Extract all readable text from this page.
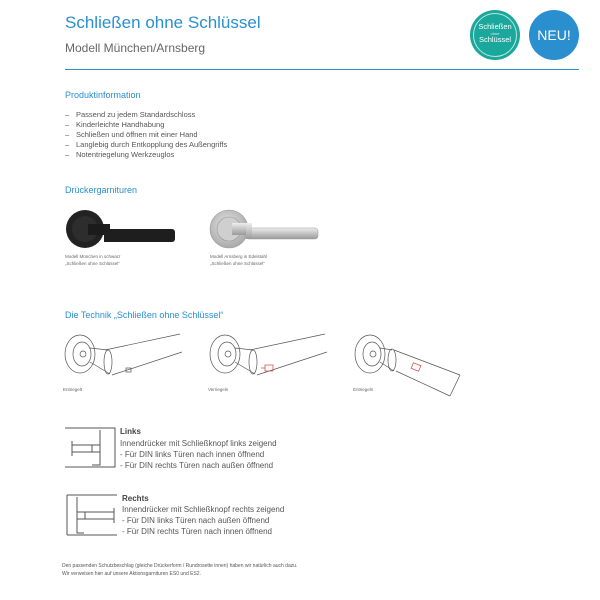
Schließen ohne Schlüssel
Modell München/Arnsberg
Schließen
ohne
Schlüssel	NEU!
Produktinformation
– Passend zu jedem Standardschloss
– Kinderleichte Handhabung
– Schließen und öffnen mit einer Hand
– Langlebig durch Entkopplung des Außengriffs
– Notentriegelung Werkzeuglos
Drückergarnituren
Modell München in schwarz
„Schließen ohne Schlüssel“
Modell Arnsberg in Edelstahl
„Schließen ohne Schlüssel“
Die Technik „Schließen ohne Schlüssel“
Entriegelt	Verriegeln	Entriegeln
Links
Innendrücker mit Schließknopf links zeigend
- Für DIN links Türen nach innen öffnend
- Für DIN rechts Türen nach außen öffnend
Rechts
Innendrücker mit Schließknopf rechts zeigend
- Für DIN links Türen nach außen öffnend
- Für DIN rechts Türen nach innen öffnend
Den passenden Schutzbeschlag (gleiche Drückerform / Rundrosette innen) haben wir natürlich auch dazu.
Wir verweisen hier auf unsere Aktionsgarnituren ES0 und ES2.
